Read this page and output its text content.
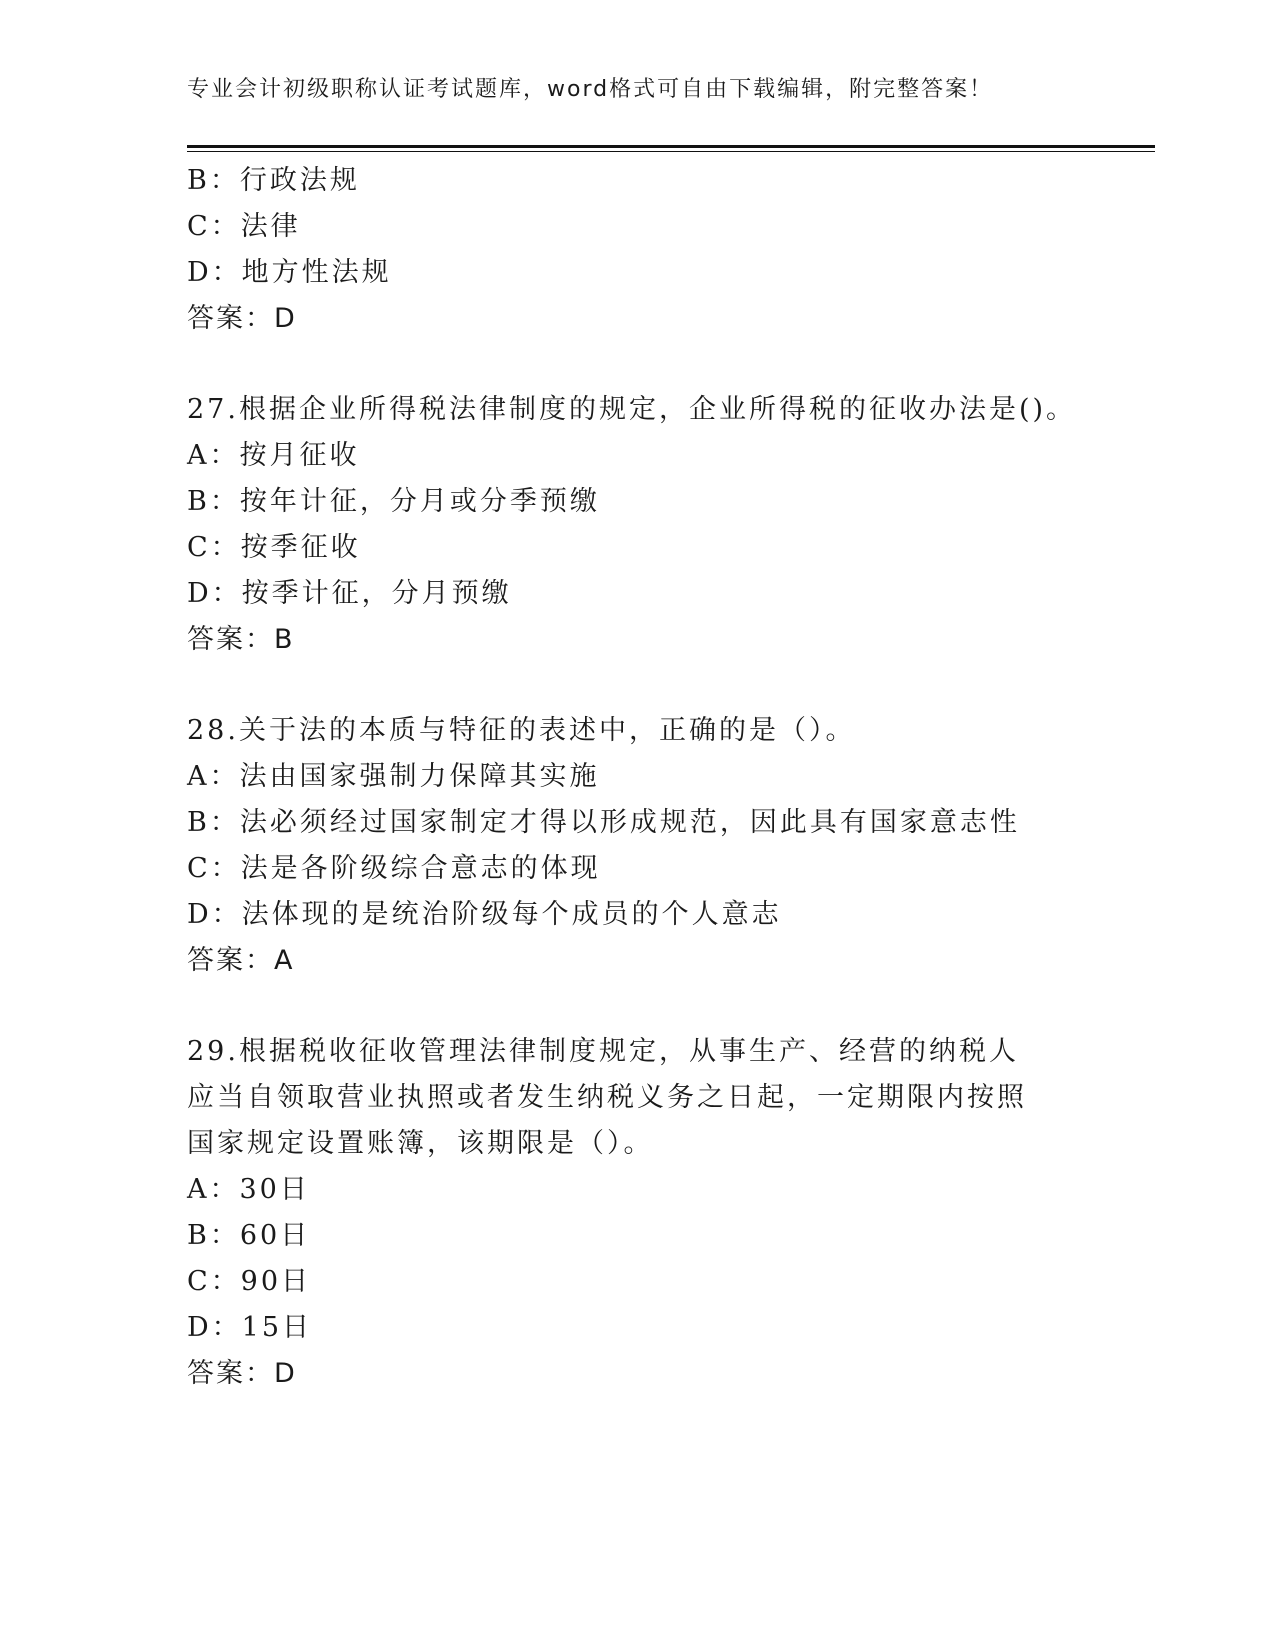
专业会计初级职称认证考试题库，word格式可自由下载编辑，附完整答案！
B：行政法规
C：法律
D：地方性法规
答案：D
27.根据企业所得税法律制度的规定，企业所得税的征收办法是()。
A：按月征收
B：按年计征，分月或分季预缴
C：按季征收
D：按季计征，分月预缴
答案：B
28.关于法的本质与特征的表述中，正确的是（）。
A：法由国家强制力保障其实施
B：法必须经过国家制定才得以形成规范，因此具有国家意志性
C：法是各阶级综合意志的体现
D：法体现的是统治阶级每个成员的个人意志
答案：A
29.根据税收征收管理法律制度规定，从事生产、经营的纳税人应当自领取营业执照或者发生纳税义务之日起，一定期限内按照国家规定设置账簿，该期限是（）。
A：30日
B：60日
C：90日
D：15日
答案：D
